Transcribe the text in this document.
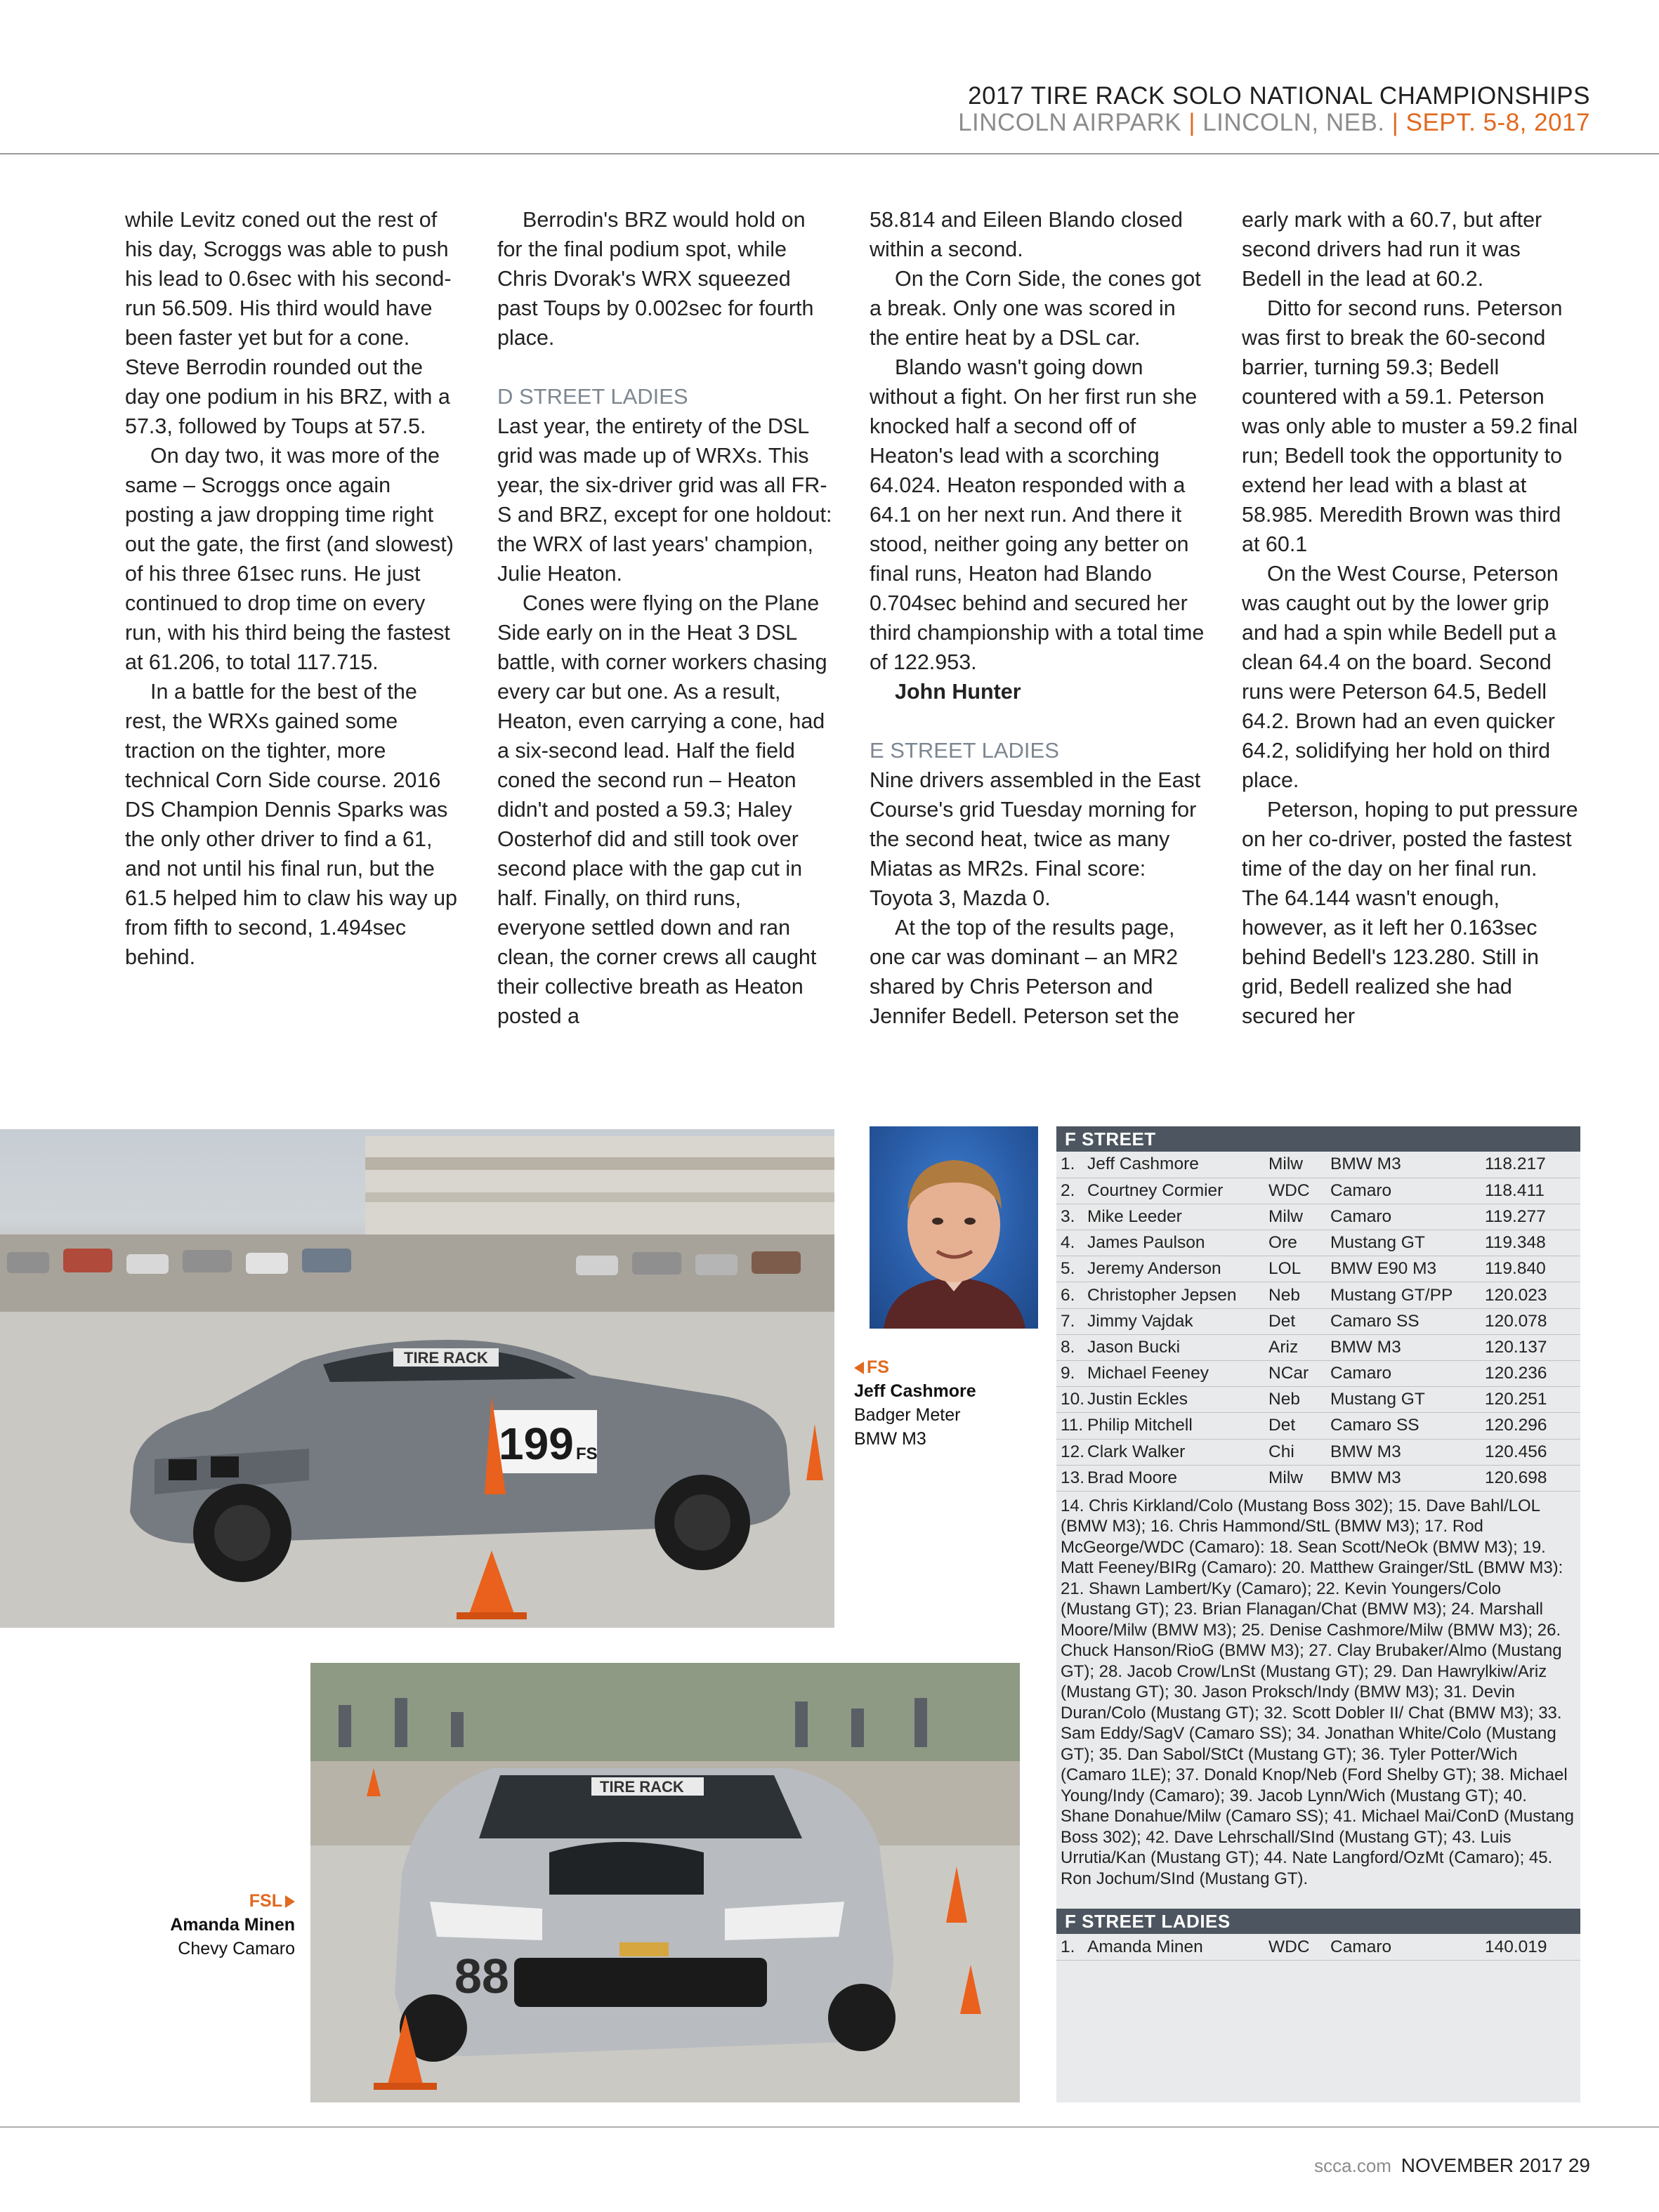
2017 TIRE RACK SOLO NATIONAL CHAMPIONSHIPS
LINCOLN AIRPARK | LINCOLN, NEB. | SEPT. 5-8, 2017

while Levitz coned out the rest of his day, Scroggs was able to push his lead to 0.6sec with his second-run 56.509. His third would have been faster yet but for a cone. Steve Berrodin rounded out the day one podium in his BRZ, with a 57.3, followed by Toups at 57.5.

On day two, it was more of the same – Scroggs once again posting a jaw dropping time right out the gate, the first (and slowest) of his three 61sec runs. He just continued to drop time on every run, with his third being the fastest at 61.206, to total 117.715.

In a battle for the best of the rest, the WRXs gained some traction on the tighter, more technical Corn Side course. 2016 DS Champion Dennis Sparks was the only other driver to find a 61, and not until his final run, but the 61.5 helped him to claw his way up from fifth to second, 1.494sec behind.

Berrodin's BRZ would hold on for the final podium spot, while Chris Dvorak's WRX squeezed past Toups by 0.002sec for fourth place.

D STREET LADIES

Last year, the entirety of the DSL grid was made up of WRXs. This year, the six-driver grid was all FR-S and BRZ, except for one holdout: the WRX of last years' champion, Julie Heaton.

Cones were flying on the Plane Side early on in the Heat 3 DSL battle, with corner workers chasing every car but one. As a result, Heaton, even carrying a cone, had a six-second lead. Half the field coned the second run – Heaton didn't and posted a 59.3; Haley Oosterhof did and still took over second place with the gap cut in half. Finally, on third runs, everyone settled down and ran clean, the corner crews all caught their collective breath as Heaton posted a

58.814 and Eileen Blando closed within a second.

On the Corn Side, the cones got a break. Only one was scored in the entire heat by a DSL car.

Blando wasn't going down without a fight. On her first run she knocked half a second off of Heaton's lead with a scorching 64.024. Heaton responded with a 64.1 on her next run. And there it stood, neither going any better on final runs, Heaton had Blando 0.704sec behind and secured her third championship with a total time of 122.953.

John Hunter

E STREET LADIES

Nine drivers assembled in the East Course's grid Tuesday morning for the second heat, twice as many Miatas as MR2s. Final score: Toyota 3, Mazda 0.

At the top of the results page, one car was dominant – an MR2 shared by Chris Peterson and Jennifer Bedell. Peterson set the

early mark with a 60.7, but after second drivers had run it was Bedell in the lead at 60.2.

Ditto for second runs. Peterson was first to break the 60-second barrier, turning 59.3; Bedell countered with a 59.1. Peterson was only able to muster a 59.2 final run; Bedell took the opportunity to extend her lead with a blast at 58.985. Meredith Brown was third at 60.1

On the West Course, Peterson was caught out by the lower grip and had a spin while Bedell put a clean 64.4 on the board. Second runs were Peterson 64.5, Bedell 64.2. Brown had an even quicker 64.2, solidifying her hold on third place.

Peterson, hoping to put pressure on her co-driver, posted the fastest time of the day on her final run. The 64.144 wasn't enough, however, as it left her 0.163sec behind Bedell's 123.280. Still in grid, Bedell realized she had secured her

TIRE RACK
199 FS
FS
Jeff Cashmore
Badger Meter
BMW M3
TIRE RACK
88
FSL
Amanda Minen
Chevy Camaro
F STREET
1.	Jeff Cashmore	Milw	BMW M3	118.217
2.	Courtney Cormier	WDC	Camaro	118.411
3.	Mike Leeder	Milw	Camaro	119.277
4.	James Paulson	Ore	Mustang GT	119.348
5.	Jeremy Anderson	LOL	BMW E90 M3	119.840
6.	Christopher Jepsen	Neb	Mustang GT/PP	120.023
7.	Jimmy Vajdak	Det	Camaro SS	120.078
8.	Jason Bucki	Ariz	BMW M3	120.137
9.	Michael Feeney	NCar	Camaro	120.236
10.	Justin Eckles	Neb	Mustang GT	120.251
11.	Philip Mitchell	Det	Camaro SS	120.296
12.	Clark Walker	Chi	BMW M3	120.456
13.	Brad Moore	Milw	BMW M3	120.698
14. Chris Kirkland/Colo (Mustang Boss 302); 15. Dave Bahl/LOL (BMW M3); 16. Chris Hammond/StL (BMW M3); 17. Rod McGeorge/WDC (Camaro): 18. Sean Scott/NeOk (BMW M3); 19. Matt Feeney/BIRg (Camaro): 20. Matthew Grainger/StL (BMW M3): 21. Shawn Lambert/Ky (Camaro); 22. Kevin Youngers/Colo (Mustang GT); 23. Brian Flanagan/Chat (BMW M3); 24. Marshall Moore/Milw (BMW M3); 25. Denise Cashmore/Milw (BMW M3); 26. Chuck Hanson/RioG (BMW M3); 27. Clay Brubaker/Almo (Mustang GT); 28. Jacob Crow/LnSt (Mustang GT); 29. Dan Hawrylkiw/Ariz (Mustang GT); 30. Jason Proksch/Indy (BMW M3); 31. Devin Duran/Colo (Mustang GT); 32. Scott Dobler II/ Chat (BMW M3); 33. Sam Eddy/SagV (Camaro SS); 34. Jonathan White/Colo (Mustang GT); 35. Dan Sabol/StCt (Mustang GT); 36. Tyler Potter/Wich (Camaro 1LE); 37. Donald Knop/Neb (Ford Shelby GT); 38. Michael Young/Indy (Camaro); 39. Jacob Lynn/Wich (Mustang GT); 40. Shane Donahue/Milw (Camaro SS); 41. Michael Mai/ConD (Mustang Boss 302); 42. Dave Lehrschall/SInd (Mustang GT); 43. Luis Urrutia/Kan (Mustang GT); 44. Nate Langford/OzMt (Camaro); 45. Ron Jochum/SInd (Mustang GT).
F STREET LADIES
1.	Amanda Minen	WDC	Camaro	140.019
scca.com NOVEMBER 2017 29
